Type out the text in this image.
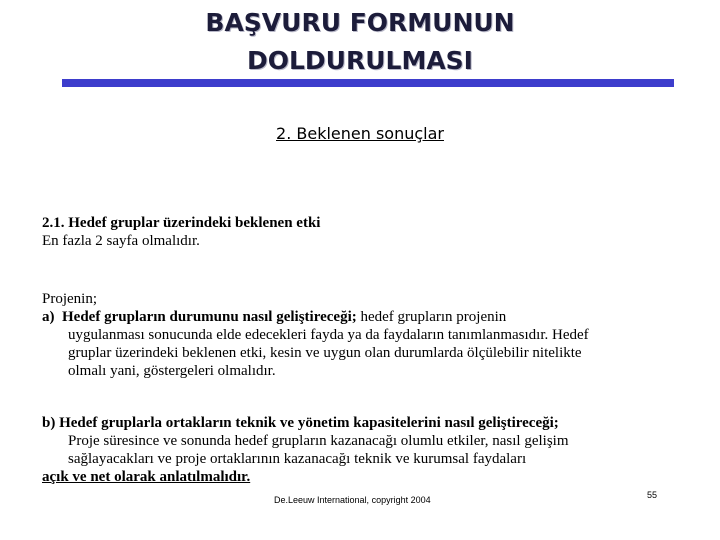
BAŞVURU FORMUNUN
DOLDURULMASI
2. Beklenen sonuçlar
2.1. Hedef gruplar üzerindeki beklenen etki
En fazla 2 sayfa olmalıdır.
Projenin;
a) Hedef grupların durumunu nasıl geliştireceği; hedef grupların projenin
uygulanması sonucunda elde edecekleri fayda ya da faydaların tanımlanmasıdır. Hedef
gruplar üzerindeki beklenen etki, kesin ve uygun olan durumlarda ölçülebilir nitelikte
olmalı yani, göstergeleri olmalıdır.
b) Hedef gruplarla ortakların teknik ve yönetim kapasitelerini nasıl geliştireceği;
Proje süresince ve sonunda hedef grupların kazanacağı olumlu etkiler, nasıl gelişim
sağlayacakları ve proje ortaklarının kazanacağı teknik ve kurumsal faydaları
açık ve net olarak anlatılmalıdır.
De.Leeuw International, copyright 2004	55
